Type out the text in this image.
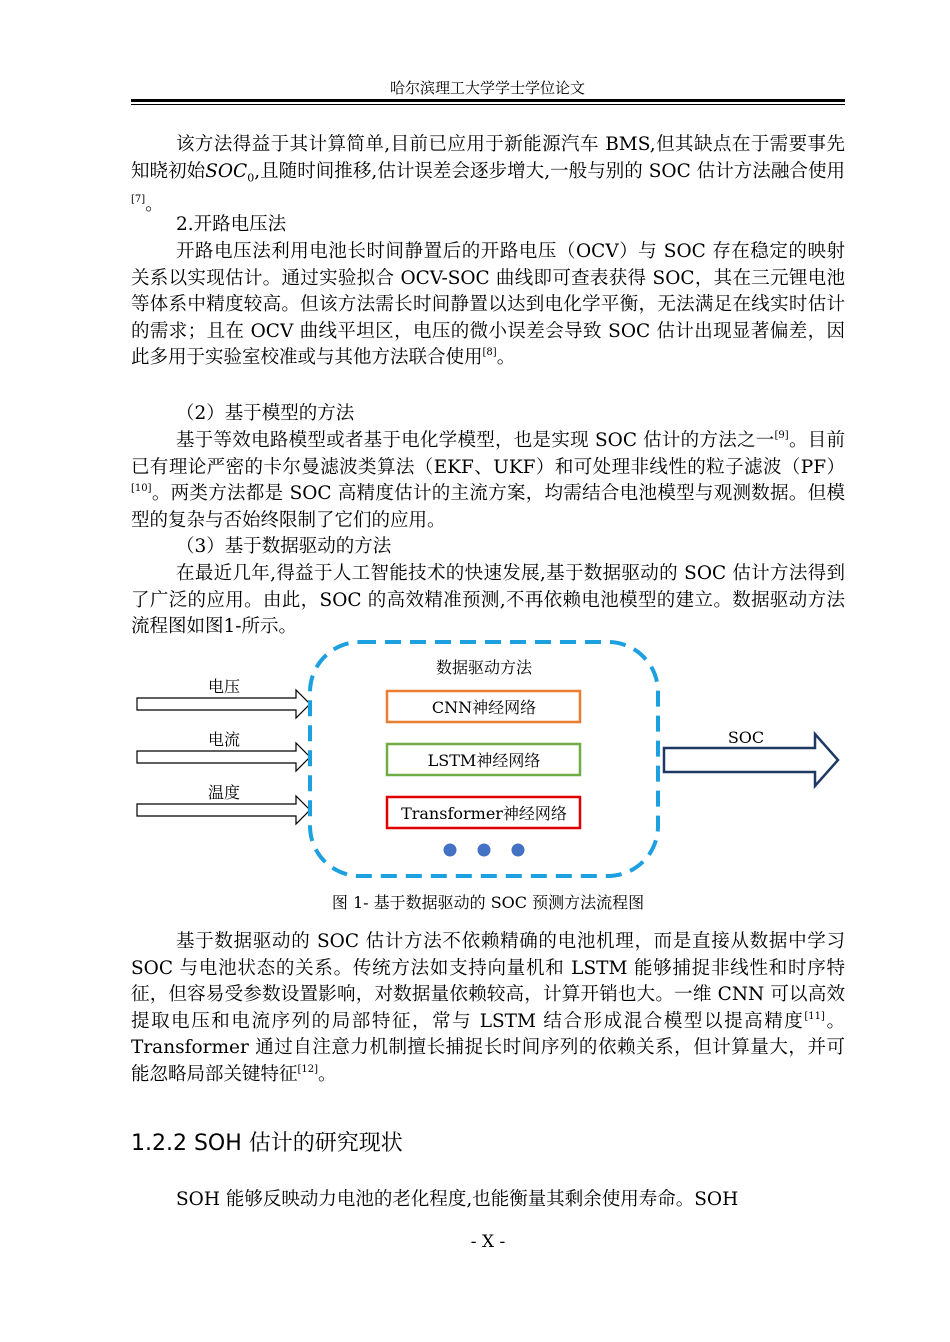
哈尔滨理工大学学士学位论文

该方法得益于其计算简单,目前已应用于新能源汽车 BMS,但其缺点在于需要事先知晓初始$SOC_0$,且随时间推移,估计误差会逐步增大,一般与别的 SOC 估计方法融合使用[7]。

2.开路电压法

开路电压法利用电池长时间静置后的开路电压（OCV）与 SOC 存在稳定的映射关系以实现估计。通过实验拟合 OCV-SOC 曲线即可查表获得 SOC，其在三元锂电池等体系中精度较高。但该方法需长时间静置以达到电化学平衡，无法满足在线实时估计的需求；且在 OCV 曲线平坦区，电压的微小误差会导致 SOC 估计出现显著偏差，因此多用于实验室校准或与其他方法联合使用[8]。

（2）基于模型的方法

基于等效电路模型或者基于电化学模型，也是实现 SOC 估计的方法之一[9]。目前已有理论严密的卡尔曼滤波类算法（EKF、UKF）和可处理非线性的粒子滤波（PF）[10]。两类方法都是 SOC 高精度估计的主流方案，均需结合电池模型与观测数据。但模型的复杂与否始终限制了它们的应用。

（3）基于数据驱动的方法

在最近几年,得益于人工智能技术的快速发展,基于数据驱动的 SOC 估计方法得到了广泛的应用。由此，SOC 的高效精准预测,不再依赖电池模型的建立。数据驱动方法流程图如图1-所示。

电压
电流
温度
数据驱动方法
CNN神经网络
LSTM神经网络
Transformer神经网络
SOC
图 1- 基于数据驱动的 SOC 预测方法流程图

基于数据驱动的 SOC 估计方法不依赖精确的电池机理，而是直接从数据中学习 SOC 与电池状态的关系。传统方法如支持向量机和 LSTM 能够捕捉非线性和时序特征，但容易受参数设置影响，对数据量依赖较高，计算开销也大。一维 CNN 可以高效提取电压和电流序列的局部特征，常与 LSTM 结合形成混合模型以提高精度[11]。Transformer 通过自注意力机制擅长捕捉长时间序列的依赖关系，但计算量大，并可能忽略局部关键特征[12]。

1.2.2 SOH 估计的研究现状

SOH 能够反映动力电池的老化程度,也能衡量其剩余使用寿命。SOH

- X -
